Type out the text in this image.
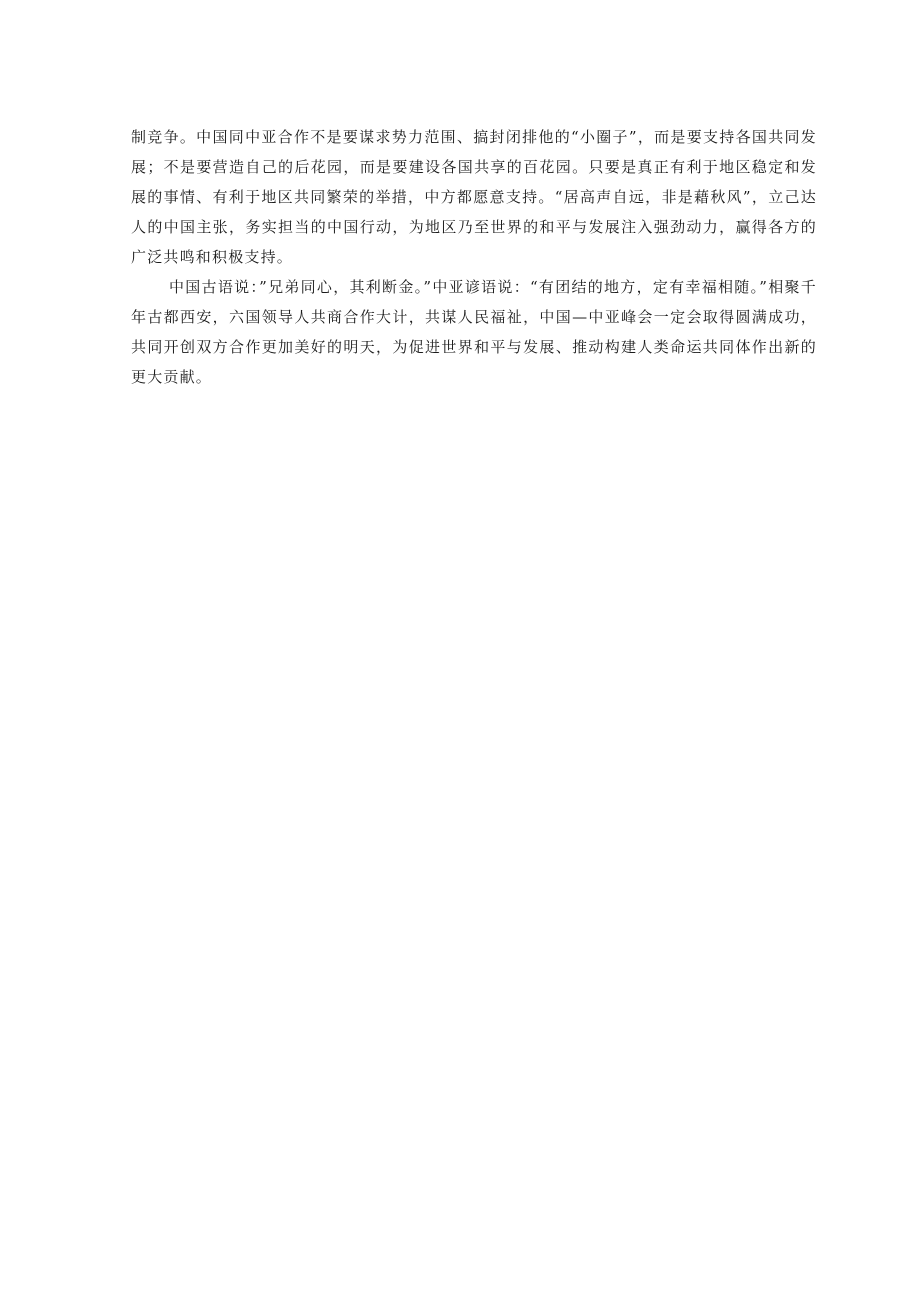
制竞争。中国同中亚合作不是要谋求势力范围、搞封闭排他的“小圈子”，而是要支持各国共同发展；不是要营造自己的后花园，而是要建设各国共享的百花园。只要是真正有利于地区稳定和发展的事情、有利于地区共同繁荣的举措，中方都愿意支持。“居高声自远，非是藉秋风”，立己达人的中国主张，务实担当的中国行动，为地区乃至世界的和平与发展注入强劲动力，赢得各方的广泛共鸣和积极支持。

中国古语说：”兄弟同心，其利断金。”中亚谚语说：“有团结的地方，定有幸福相随。”相聚千年古都西安，六国领导人共商合作大计，共谋人民福祉，中国—中亚峰会一定会取得圆满成功，共同开创双方合作更加美好的明天，为促进世界和平与发展、推动构建人类命运共同体作出新的更大贡献。
